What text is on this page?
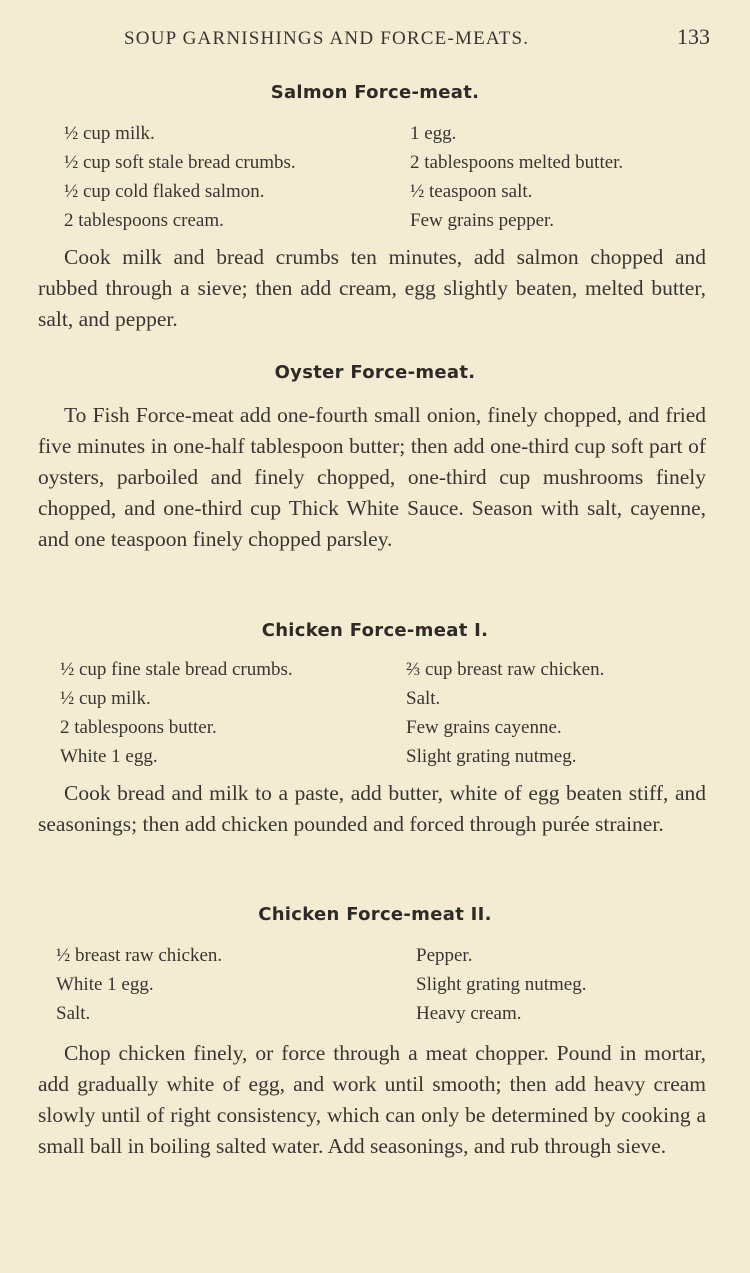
SOUP GARNISHINGS AND FORCE-MEATS.	133
Salmon Force-meat.
½ cup milk.	1 egg.
½ cup soft stale bread crumbs.	2 tablespoons melted butter.
½ cup cold flaked salmon.	½ teaspoon salt.
2 tablespoons cream.	Few grains pepper.

Cook milk and bread crumbs ten minutes, add salmon chopped and rubbed through a sieve; then add cream, egg slightly beaten, melted butter, salt, and pepper.

Oyster Force-meat.

To Fish Force-meat add one-fourth small onion, finely chopped, and fried five minutes in one-half tablespoon butter; then add one-third cup soft part of oysters, parboiled and finely chopped, one-third cup mushrooms finely chopped, and one-third cup Thick White Sauce. Season with salt, cayenne, and one teaspoon finely chopped parsley.

Chicken Force-meat I.
½ cup fine stale bread crumbs.	⅔ cup breast raw chicken.
½ cup milk.	Salt.
2 tablespoons butter.	Few grains cayenne.
White 1 egg.	Slight grating nutmeg.

Cook bread and milk to a paste, add butter, white of egg beaten stiff, and seasonings; then add chicken pounded and forced through purée strainer.

Chicken Force-meat II.
½ breast raw chicken.	Pepper.
White 1 egg.	Slight grating nutmeg.
Salt.	Heavy cream.

Chop chicken finely, or force through a meat chopper. Pound in mortar, add gradually white of egg, and work until smooth; then add heavy cream slowly until of right consistency, which can only be determined by cooking a small ball in boiling salted water. Add seasonings, and rub through sieve.
